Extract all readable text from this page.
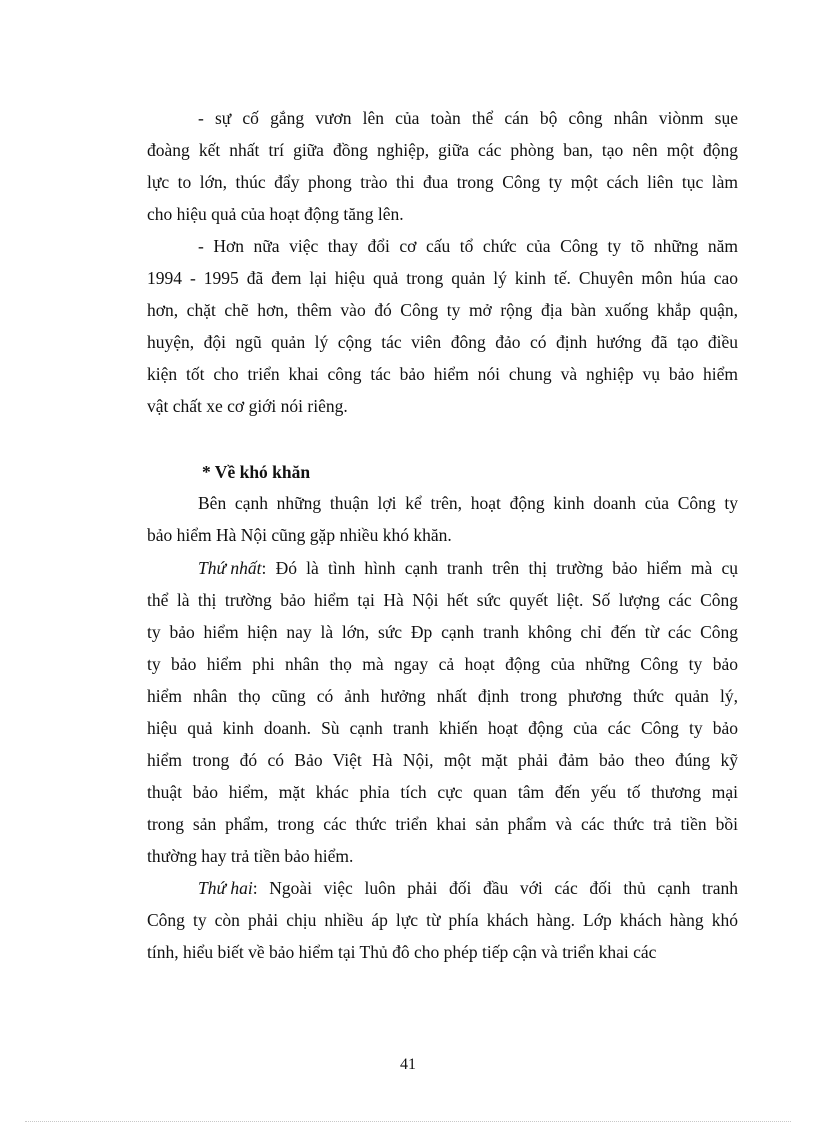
- sự cố gắng vươn lên của toàn thể cán bộ công nhân viònm sụe
đoàng kết nhất trí giữa đồng nghiệp, giữa các phòng ban, tạo nên một động
lực to lớn, thúc đẩy phong trào thi đua trong Công ty một cách liên tục làm
cho hiệu quả của hoạt động tăng lên.
- Hơn nữa việc thay đổi cơ cấu tổ chức của Công ty tõ những năm
1994 - 1995 đã đem lại hiệu quả trong quản lý kinh tế. Chuyên môn húa cao
hơn, chặt chẽ hơn, thêm vào đó Công ty mở rộng địa bàn xuống khắp quận,
huyện, đội ngũ quản lý cộng tác viên đông đảo có định hướng đã tạo điều
kiện tốt cho triển khai công tác bảo hiểm nói chung và nghiệp vụ bảo hiểm
vật chất xe cơ giới nói riêng.
* Về khó khăn
Bên cạnh những thuận lợi kể trên, hoạt động kinh doanh của Công ty
bảo hiểm Hà Nội cũng gặp nhiều khó khăn.
Thứ nhất : Đó là tình hình cạnh tranh trên thị trường bảo hiểm mà cụ
thể là thị trường bảo hiểm tại Hà Nội hết sức quyết liệt. Số lượng các Công
ty bảo hiểm hiện nay là lớn, sức Ðp cạnh tranh không chỉ đến từ các Công
ty bảo hiểm phi nhân thọ mà ngay cả hoạt động của những Công ty bảo
hiểm nhân thọ cũng có ảnh hưởng nhất định trong phương thức quản lý,
hiệu quả kinh doanh. Sù cạnh tranh khiến hoạt động của các Công ty bảo
hiểm trong đó có Bảo Việt Hà Nội, một mặt phải đảm bảo theo đúng kỹ
thuật bảo hiểm, mặt khác phỉa tích cực quan tâm đến yếu tố thương mại
trong sản phẩm, trong các thức triển khai sản phẩm và các thức trả tiền bồi
thường hay trả tiền bảo hiểm.
Thứ hai : Ngoài việc luôn phải đối đầu với các đối thủ cạnh tranh
Công ty còn phải chịu nhiều áp lực từ phía khách hàng. Lớp khách hàng khó
tính, hiểu biết về bảo hiểm tại Thủ đô cho phép tiếp cận và triển khai các
41
